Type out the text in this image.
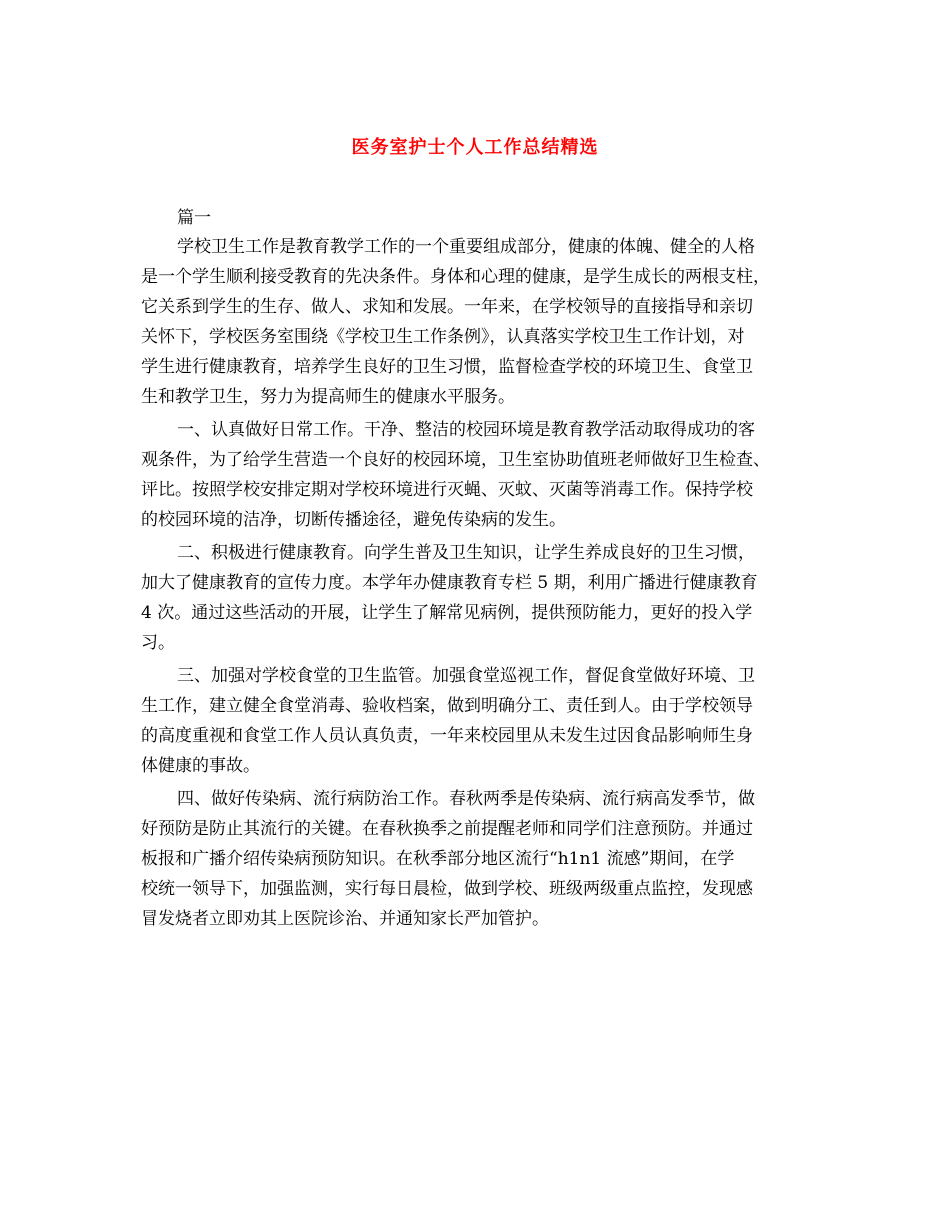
医务室护士个人工作总结精选
篇一
学校卫生工作是教育教学工作的一个重要组成部分，健康的体魄、健全的人格
是一个学生顺利接受教育的先决条件。身体和心理的健康，是学生成长的两根支柱，
它关系到学生的生存、做人、求知和发展。一年来，在学校领导的直接指导和亲切
关怀下，学校医务室围绕《学校卫生工作条例》，认真落实学校卫生工作计划，对
学生进行健康教育，培养学生良好的卫生习惯，监督检查学校的环境卫生、食堂卫
生和教学卫生，努力为提高师生的健康水平服务。
一、认真做好日常工作。干净、整洁的校园环境是教育教学活动取得成功的客
观条件，为了给学生营造一个良好的校园环境，卫生室协助值班老师做好卫生检查、
评比。按照学校安排定期对学校环境进行灭蝇、灭蚊、灭菌等消毒工作。保持学校
的校园环境的洁净，切断传播途径，避免传染病的发生。
二、积极进行健康教育。向学生普及卫生知识，让学生养成良好的卫生习惯，
加大了健康教育的宣传力度。本学年办健康教育专栏 5 期，利用广播进行健康教育
4 次。通过这些活动的开展，让学生了解常见病例，提供预防能力，更好的投入学
习。
三、加强对学校食堂的卫生监管。加强食堂巡视工作，督促食堂做好环境、卫
生工作，建立健全食堂消毒、验收档案，做到明确分工、责任到人。由于学校领导
的高度重视和食堂工作人员认真负责，一年来校园里从未发生过因食品影响师生身
体健康的事故。
四、做好传染病、流行病防治工作。春秋两季是传染病、流行病高发季节，做
好预防是防止其流行的关键。在春秋换季之前提醒老师和同学们注意预防。并通过
板报和广播介绍传染病预防知识。在秋季部分地区流行“h1n1 流感”期间，在学
校统一领导下，加强监测，实行每日晨检，做到学校、班级两级重点监控，发现感
冒发烧者立即劝其上医院诊治、并通知家长严加管护。
